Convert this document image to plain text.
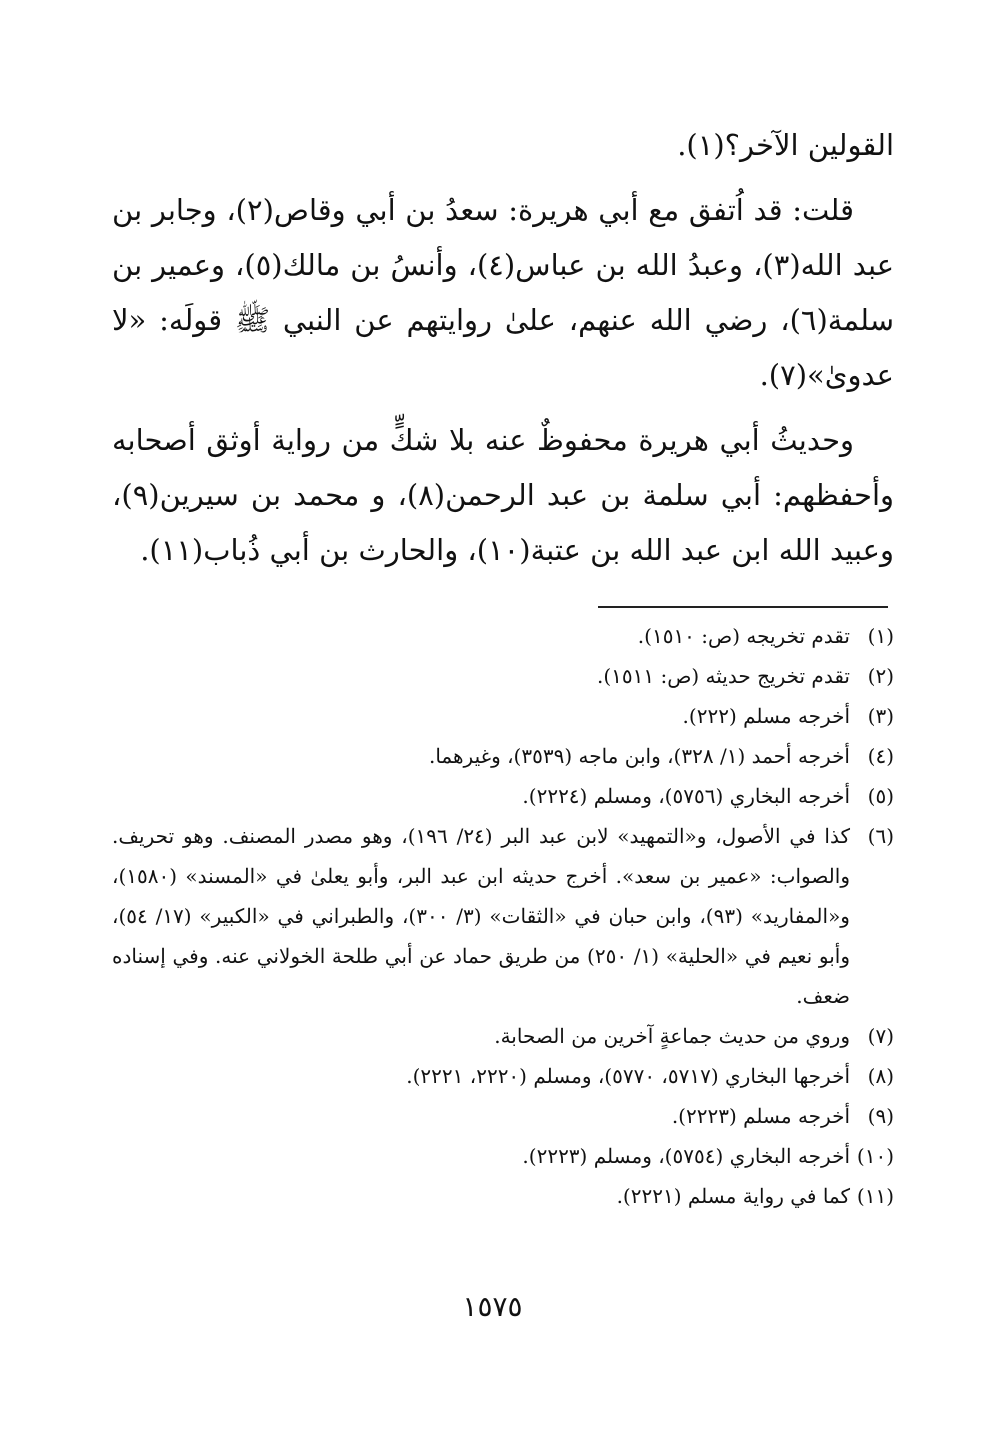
القولين الآخر؟(١).

قلت: قد اُتفق مع أبي هريرة: سعدُ بن أبي وقاص(٢)، وجابر بن عبد الله(٣)، وعبدُ الله بن عباس(٤)، وأنسُ بن مالك(٥)، وعمير بن سلمة(٦)، رضي الله عنهم، علىٰ روايتهم عن النبي ﷺ قولَه: «لا عدوىٰ»(٧).

وحديثُ أبي هريرة محفوظٌ عنه بلا شكٍّ من رواية أوثق أصحابه وأحفظهم: أبي سلمة بن عبد الرحمن(٨)، و محمد بن سيرين(٩)، وعبيد الله ابن عبد الله بن عتبة(١٠)، والحارث بن أبي ذُباب(١١).

(١)
تقدم تخريجه (ص: ١٥١٠).
(٢)
تقدم تخريج حديثه (ص: ١٥١١).
(٣)
أخرجه مسلم (٢٢٢).
(٤)
أخرجه أحمد (١/ ٣٢٨)، وابن ماجه (٣٥٣٩)، وغيرهما.
(٥)
أخرجه البخاري (٥٧٥٦)، ومسلم (٢٢٢٤).
(٦)
كذا في الأصول، و«التمهيد» لابن عبد البر (٢٤/ ١٩٦)، وهو مصدر المصنف. وهو تحريف. والصواب: «عمير بن سعد». أخرج حديثه ابن عبد البر، وأبو يعلىٰ في «المسند» (١٥٨٠)، و«المفاريد» (٩٣)، وابن حبان في «الثقات» (٣/ ٣٠٠)، والطبراني في «الكبير» (١٧/ ٥٤)، وأبو نعيم في «الحلية» (١/ ٢٥٠) من طريق حماد عن أبي طلحة الخولاني عنه. وفي إسناده ضعف.
(٧)
وروي من حديث جماعةٍ آخرين من الصحابة.
(٨)
أخرجها البخاري (٥٧١٧، ٥٧٧٠)، ومسلم (٢٢٢٠، ٢٢٢١).
(٩)
أخرجه مسلم (٢٢٢٣).
(١٠)
أخرجه البخاري (٥٧٥٤)، ومسلم (٢٢٢٣).
(١١)
كما في رواية مسلم (٢٢٢١).
١٥٧٥
